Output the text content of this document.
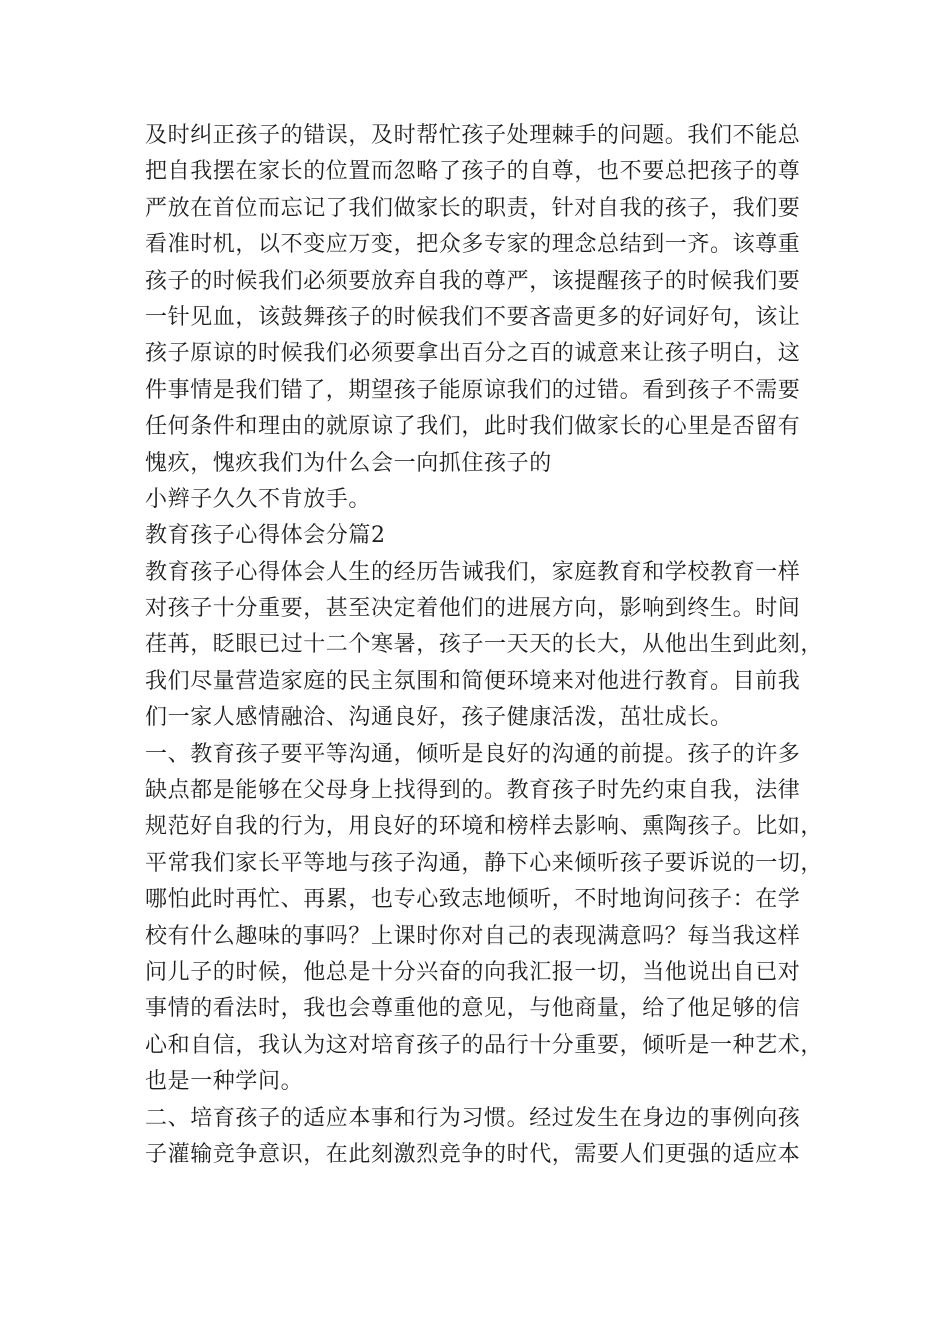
及时纠正孩子的错误，及时帮忙孩子处理棘手的问题。我们不能总
把自我摆在家长的位置而忽略了孩子的自尊，也不要总把孩子的尊
严放在首位而忘记了我们做家长的职责，针对自我的孩子，我们要
看准时机，以不变应万变，把众多专家的理念总结到一齐。该尊重
孩子的时候我们必须要放弃自我的尊严，该提醒孩子的时候我们要
一针见血，该鼓舞孩子的时候我们不要吝啬更多的好词好句，该让
孩子原谅的时候我们必须要拿出百分之百的诚意来让孩子明白，这
件事情是我们错了，期望孩子能原谅我们的过错。看到孩子不需要
任何条件和理由的就原谅了我们，此时我们做家长的心里是否留有
愧疚，愧疚我们为什么会一向抓住孩子的
小辫子久久不肯放手。
教育孩子心得体会分篇2
教育孩子心得体会人生的经历告诫我们，家庭教育和学校教育一样
对孩子十分重要，甚至决定着他们的进展方向，影响到终生。时间
荏苒，眨眼已过十二个寒暑，孩子一天天的长大，从他出生到此刻，
我们尽量营造家庭的民主氛围和简便环境来对他进行教育。目前我
们一家人感情融洽、沟通良好，孩子健康活泼，茁壮成长。
一、教育孩子要平等沟通，倾听是良好的沟通的前提。孩子的许多
缺点都是能够在父母身上找得到的。教育孩子时先约束自我，法律
规范好自我的行为，用良好的环境和榜样去影响、熏陶孩子。比如，
平常我们家长平等地与孩子沟通，静下心来倾听孩子要诉说的一切，
哪怕此时再忙、再累，也专心致志地倾听，不时地询问孩子：在学
校有什么趣味的事吗？上课时你对自己的表现满意吗？每当我这样
问儿子的时候，他总是十分兴奋的向我汇报一切，当他说出自已对
事情的看法时，我也会尊重他的意见，与他商量，给了他足够的信
心和自信，我认为这对培育孩子的品行十分重要，倾听是一种艺术，
也是一种学问。
二、培育孩子的适应本事和行为习惯。经过发生在身边的事例向孩
子灌输竞争意识，在此刻激烈竞争的时代，需要人们更强的适应本
